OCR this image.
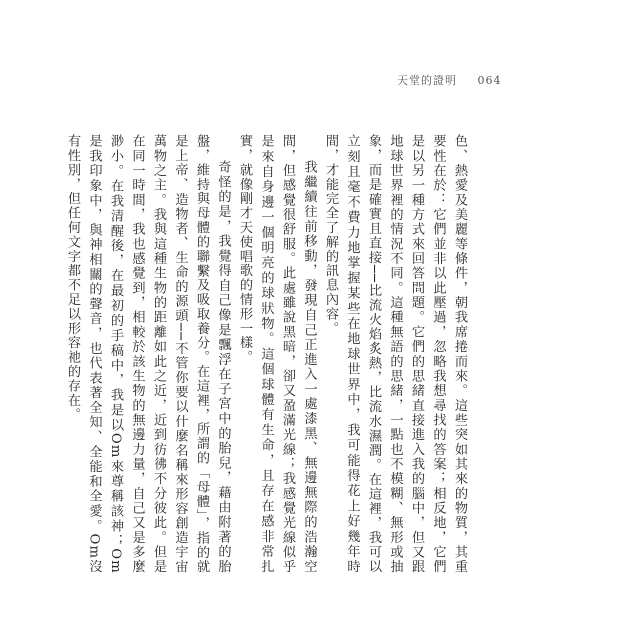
天堂的證明 064

色、熱愛及美麗等條件，朝我席捲而來。這些突如其來的物質，其重要性在於：它們並非以此壓過，忽略我想尋找的答案；相反地，它們是以另一種方式來回答問題。它們的思緒直接進入我的腦中，但又跟地球世界裡的情況不同。這種無語的思緒，一點也不模糊、無形或抽象，而是確實且直接──比流火焰炙熱，比流水濕潤。在這裡，我可以立刻且毫不費力地掌握某些在地球世界中，我可能得花上好幾年時間，才能完全了解的訊息內容。

我繼續往前移動，發現自己正進入一處漆黑、無邊無際的浩瀚空間，但感覺很舒服。此處雖說黑暗，卻又盈滿光線；我感覺光線似乎是來自身邊一個明亮的球狀物。這個球體有生命，且存在感非常扎實，就像剛才天使唱歌的情形一樣。

奇怪的是，我覺得自己像是飄浮在子宮中的胎兒，藉由附著的胎盤，維持與母體的聯繫及吸取養分。在這裡，所謂的「母體」，指的就是上帝、造物者、生命的源頭──不管你要以什麼名稱來形容創造宇宙萬物之主。我與這種生物的距離如此之近，近到彷彿不分彼此。但是在同一時間，我也感覺到，相較於該生物的無邊力量，自己又是多麼渺小。在我清醒後，在最初的手稿中，我是以Om來尊稱該神；Om是我印象中，與神相關的聲音，也代表著全知、全能和全愛。Om沒有性別，但任何文字都不足以形容祂的存在。
